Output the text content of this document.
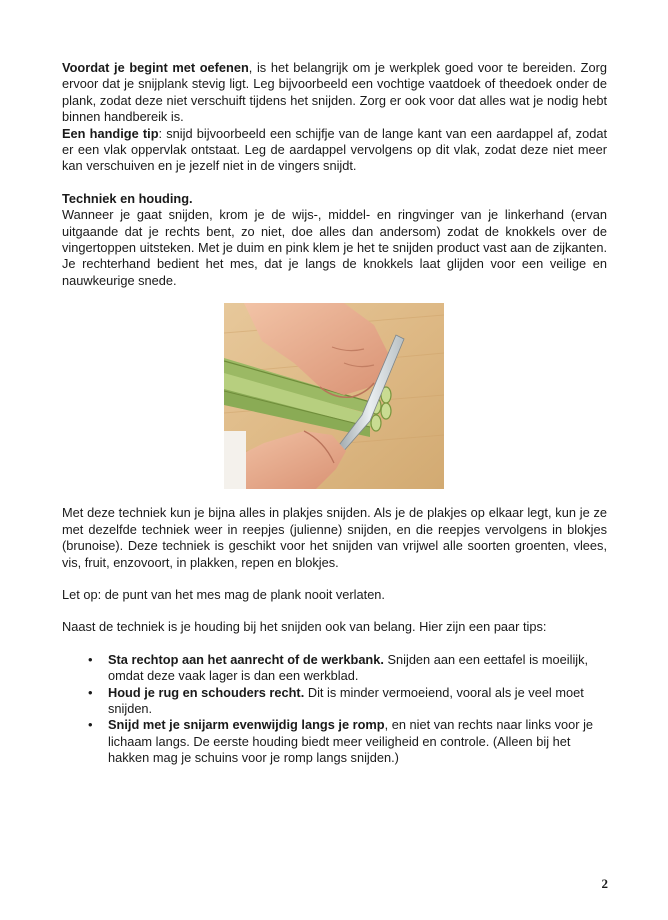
Voordat je begint met oefenen, is het belangrijk om je werkplek goed voor te bereiden. Zorg ervoor dat je snijplank stevig ligt. Leg bijvoorbeeld een vochtige vaatdoek of theedoek onder de plank, zodat deze niet verschuift tijdens het snijden. Zorg er ook voor dat alles wat je nodig hebt binnen handbereik is.

Een handige tip: snijd bijvoorbeeld een schijfje van de lange kant van een aardappel af, zodat er een vlak oppervlak ontstaat. Leg de aardappel vervolgens op dit vlak, zodat deze niet meer kan verschuiven en je jezelf niet in de vingers snijdt.

Techniek en houding.

Wanneer je gaat snijden, krom je de wijs-, middel- en ringvinger van je linkerhand (ervan uitgaande dat je rechts bent, zo niet, doe alles dan andersom) zodat de knokkels over de vingertoppen uitsteken. Met je duim en pink klem je het te snijden product vast aan de zijkanten. Je rechterhand bedient het mes, dat je langs de knokkels laat glijden voor een veilige en nauwkeurige snede.

Met deze techniek kun je bijna alles in plakjes snijden. Als je de plakjes op elkaar legt, kun je ze met dezelfde techniek weer in reepjes (julienne) snijden, en die reepjes vervolgens in blokjes (brunoise). Deze techniek is geschikt voor het snijden van vrijwel alle soorten groenten, vlees, vis, fruit, enzovoort, in plakken, repen en blokjes.

Let op: de punt van het mes mag de plank nooit verlaten.

Naast de techniek is je houding bij het snijden ook van belang. Hier zijn een paar tips:

• Sta rechtop aan het aanrecht of de werkbank. Snijden aan een eettafel is moeilijk, omdat deze vaak lager is dan een werkblad.
• Houd je rug en schouders recht. Dit is minder vermoeiend, vooral als je veel moet snijden.
• Snijd met je snijarm evenwijdig langs je romp, en niet van rechts naar links voor je lichaam langs. De eerste houding biedt meer veiligheid en controle. (Alleen bij het hakken mag je schuins voor je romp langs snijden.)
2
